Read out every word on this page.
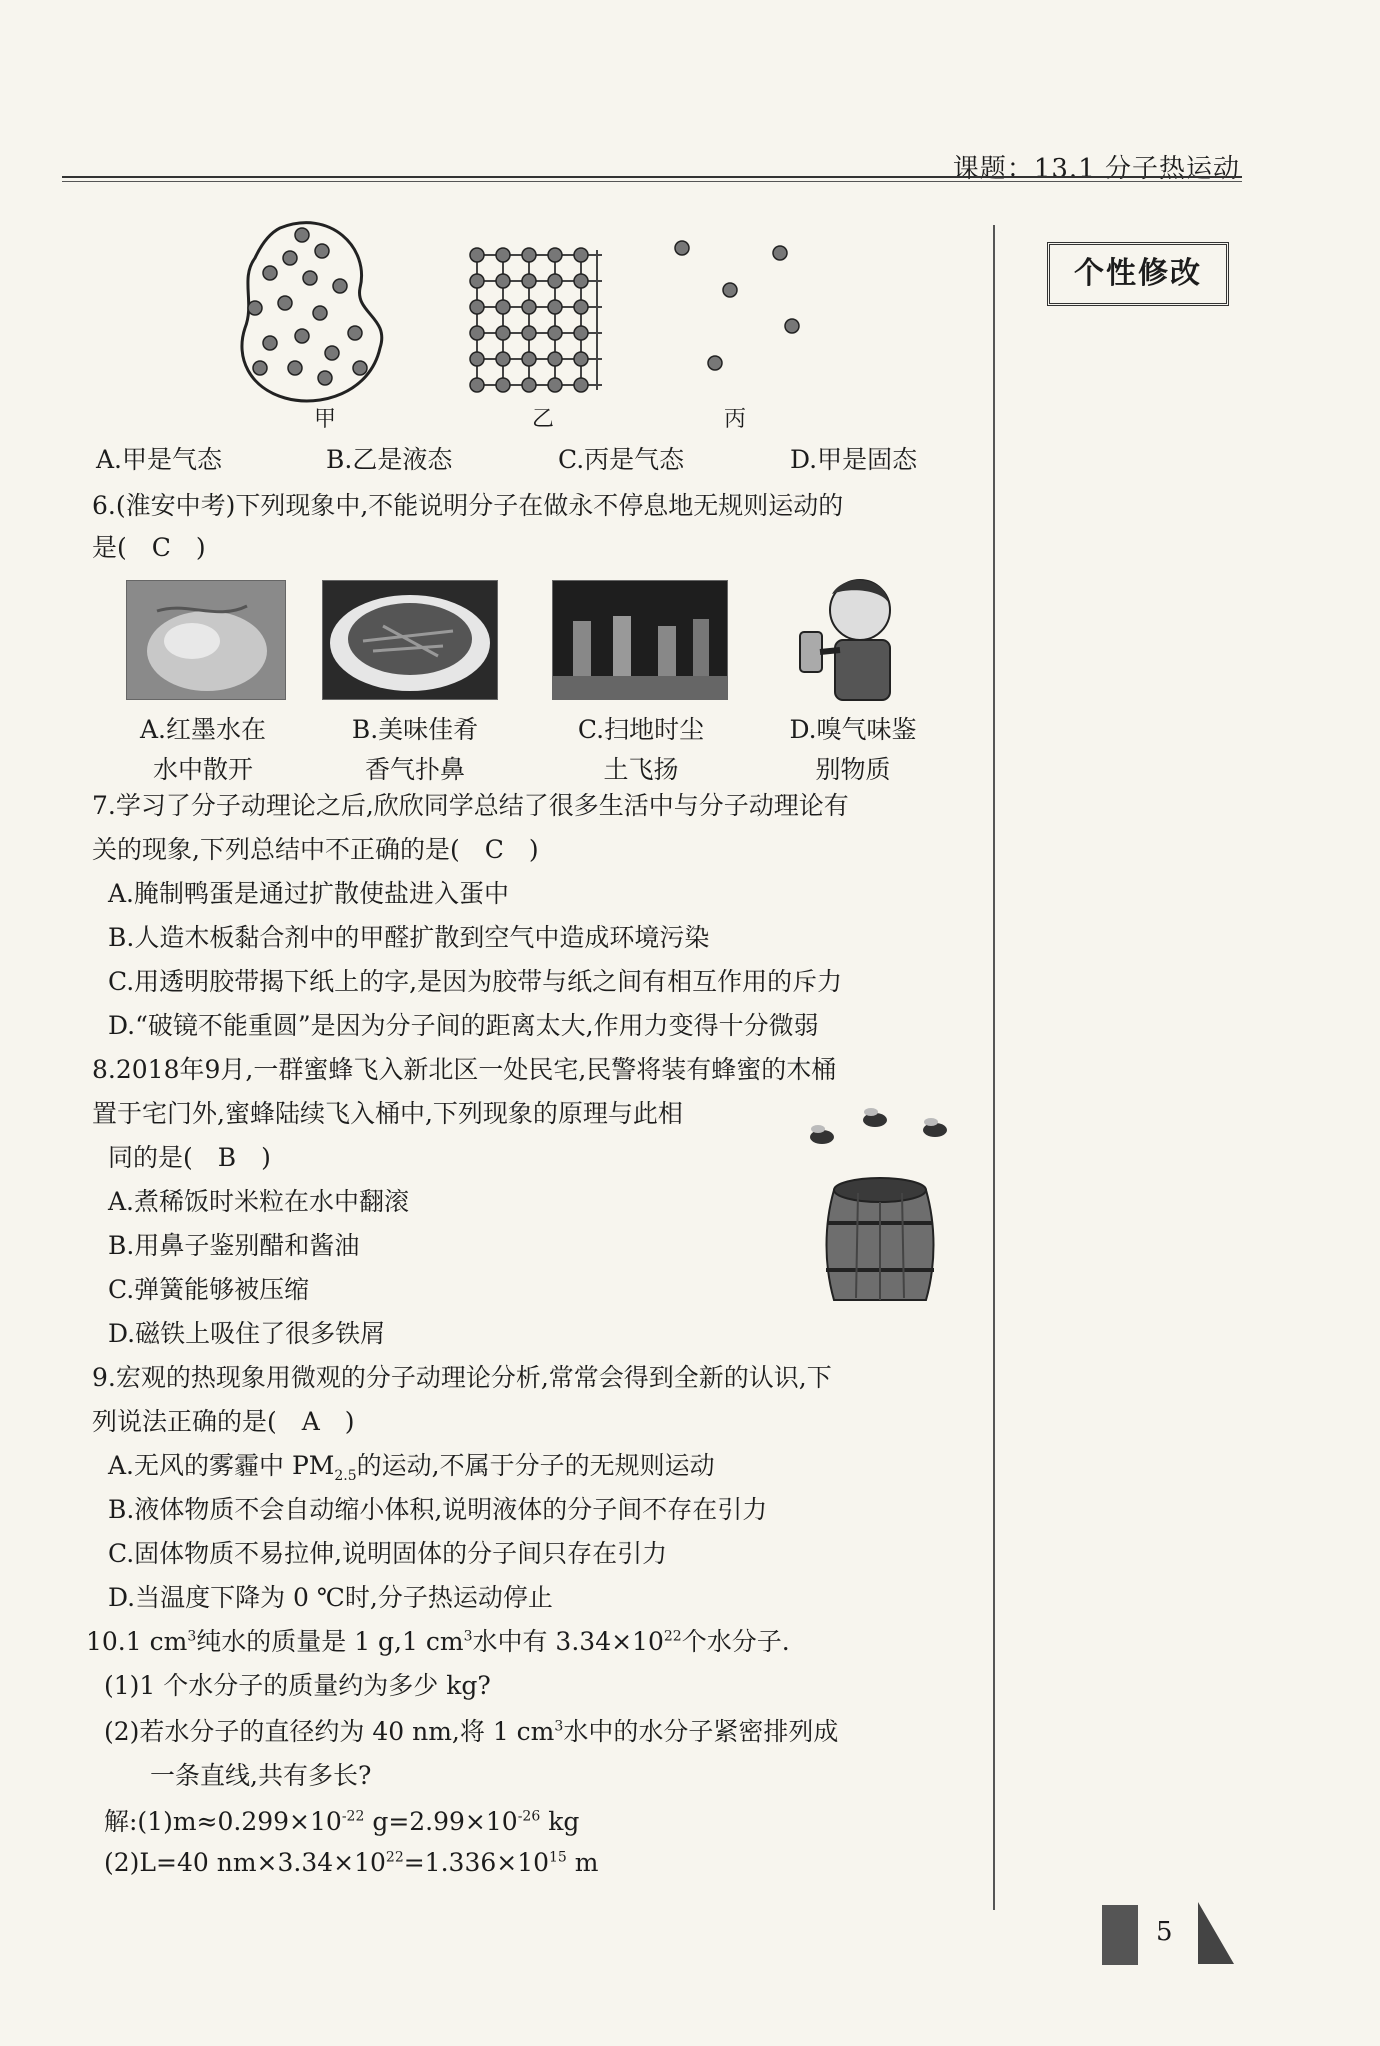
课题：13.1 分子热运动
个性修改
甲	乙	丙
A.甲是气态	B.乙是液态	C.丙是气态	D.甲是固态
6.(淮安中考)下列现象中,不能说明分子在做永不停息地无规则运动的
是(　C　)
A.红墨水在
水中散开
B.美味佳肴
香气扑鼻
C.扫地时尘
土飞扬
D.嗅气味鉴
别物质
7.学习了分子动理论之后,欣欣同学总结了很多生活中与分子动理论有
关的现象,下列总结中不正确的是(　C　)
A.腌制鸭蛋是通过扩散使盐进入蛋中
B.人造木板黏合剂中的甲醛扩散到空气中造成环境污染
C.用透明胶带揭下纸上的字,是因为胶带与纸之间有相互作用的斥力
D.“破镜不能重圆”是因为分子间的距离太大,作用力变得十分微弱
8.2018年9月,一群蜜蜂飞入新北区一处民宅,民警将装有蜂蜜的木桶
置于宅门外,蜜蜂陆续飞入桶中,下列现象的原理与此相
同的是(　B　)
A.煮稀饭时米粒在水中翻滚
B.用鼻子鉴别醋和酱油
C.弹簧能够被压缩
D.磁铁上吸住了很多铁屑
9.宏观的热现象用微观的分子动理论分析,常常会得到全新的认识,下
列说法正确的是(　A　)
A.无风的雾霾中 $PM_{2.5}$的运动,不属于分子的无规则运动
B.液体物质不会自动缩小体积,说明液体的分子间不存在引力
C.固体物质不易拉伸,说明固体的分子间只存在引力
D.当温度下降为 0 ℃时,分子热运动停止
10.1 $cm^3$纯水的质量是 1 g,1 $cm^3$水中有 $3.34\times 10^{22}$个水分子.
(1)1 个水分子的质量约为多少 kg?
(2)若水分子的直径约为 40 nm,将 1 $cm^3$水中的水分子紧密排列成
一条直线,共有多长?
解$:(1)m\approx 0.299\times 10^{-22}$ $g=2.99\times 10^{-26}$ kg
(2)L=40 $nm\times 3.34\times 10^{22}=1.336\times 10^{15}$ m
5
